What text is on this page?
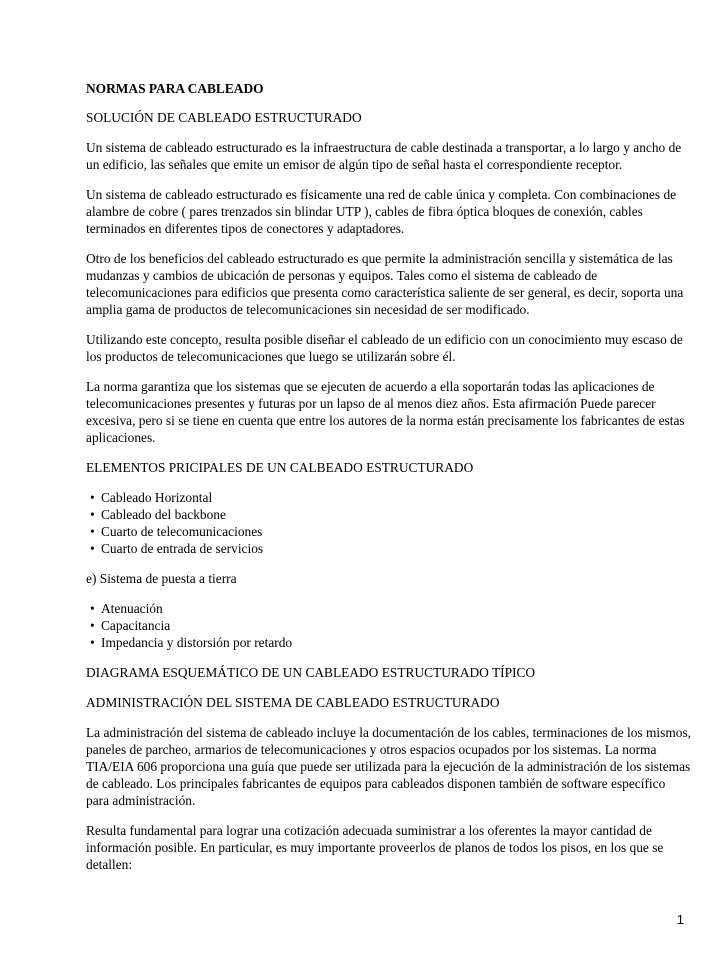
NORMAS PARA CABLEADO
SOLUCIÓN DE CABLEADO ESTRUCTURADO

Un sistema de cableado estructurado es la infraestructura de cable destinada a transportar, a lo largo y ancho de un edificio, las señales que emite un emisor de algún tipo de señal hasta el correspondiente receptor.

Un sistema de cableado estructurado es físicamente una red de cable única y completa. Con combinaciones de alambre de cobre ( pares trenzados sin blindar UTP ), cables de fibra óptica bloques de conexión, cables terminados en diferentes tipos de conectores y adaptadores.

Otro de los beneficios del cableado estructurado es que permite la administración sencilla y sistemática de las mudanzas y cambios de ubicación de personas y equipos. Tales como el sistema de cableado de telecomunicaciones para edificios que presenta como característica saliente de ser general, es decir, soporta una amplia gama de productos de telecomunicaciones sin necesidad de ser modificado.

Utilizando este concepto, resulta posible diseñar el cableado de un edificio con un conocimiento muy escaso de los productos de telecomunicaciones que luego se utilizarán sobre él.

La norma garantiza que los sistemas que se ejecuten de acuerdo a ella soportarán todas las aplicaciones de telecomunicaciones presentes y futuras por un lapso de al menos diez años. Esta afirmación Puede parecer excesiva, pero si se tiene en cuenta que entre los autores de la norma están precisamente los fabricantes de estas aplicaciones.

ELEMENTOS PRICIPALES DE UN CALBEADO ESTRUCTURADO
• Cableado Horizontal
• Cableado del backbone
• Cuarto de telecomunicaciones
• Cuarto de entrada de servicios
e) Sistema de puesta a tierra
• Atenuación
• Capacitancia
• Impedancia y distorsión por retardo
DIAGRAMA ESQUEMÁTICO DE UN CABLEADO ESTRUCTURADO TÍPICO
ADMINISTRACIÓN DEL SISTEMA DE CABLEADO ESTRUCTURADO

La administración del sistema de cableado incluye la documentación de los cables, terminaciones de los mismos, paneles de parcheo, armarios de telecomunicaciones y otros espacios ocupados por los sistemas. La norma TIA/EIA 606 proporciona una guía que puede ser utilizada para la ejecución de la administración de los sistemas de cableado. Los principales fabricantes de equipos para cableados disponen también de software específico para administración.

Resulta fundamental para lograr una cotización adecuada suministrar a los oferentes la mayor cantidad de información posible. En particular, es muy importante proveerlos de planos de todos los pisos, en los que se detallen:

1
